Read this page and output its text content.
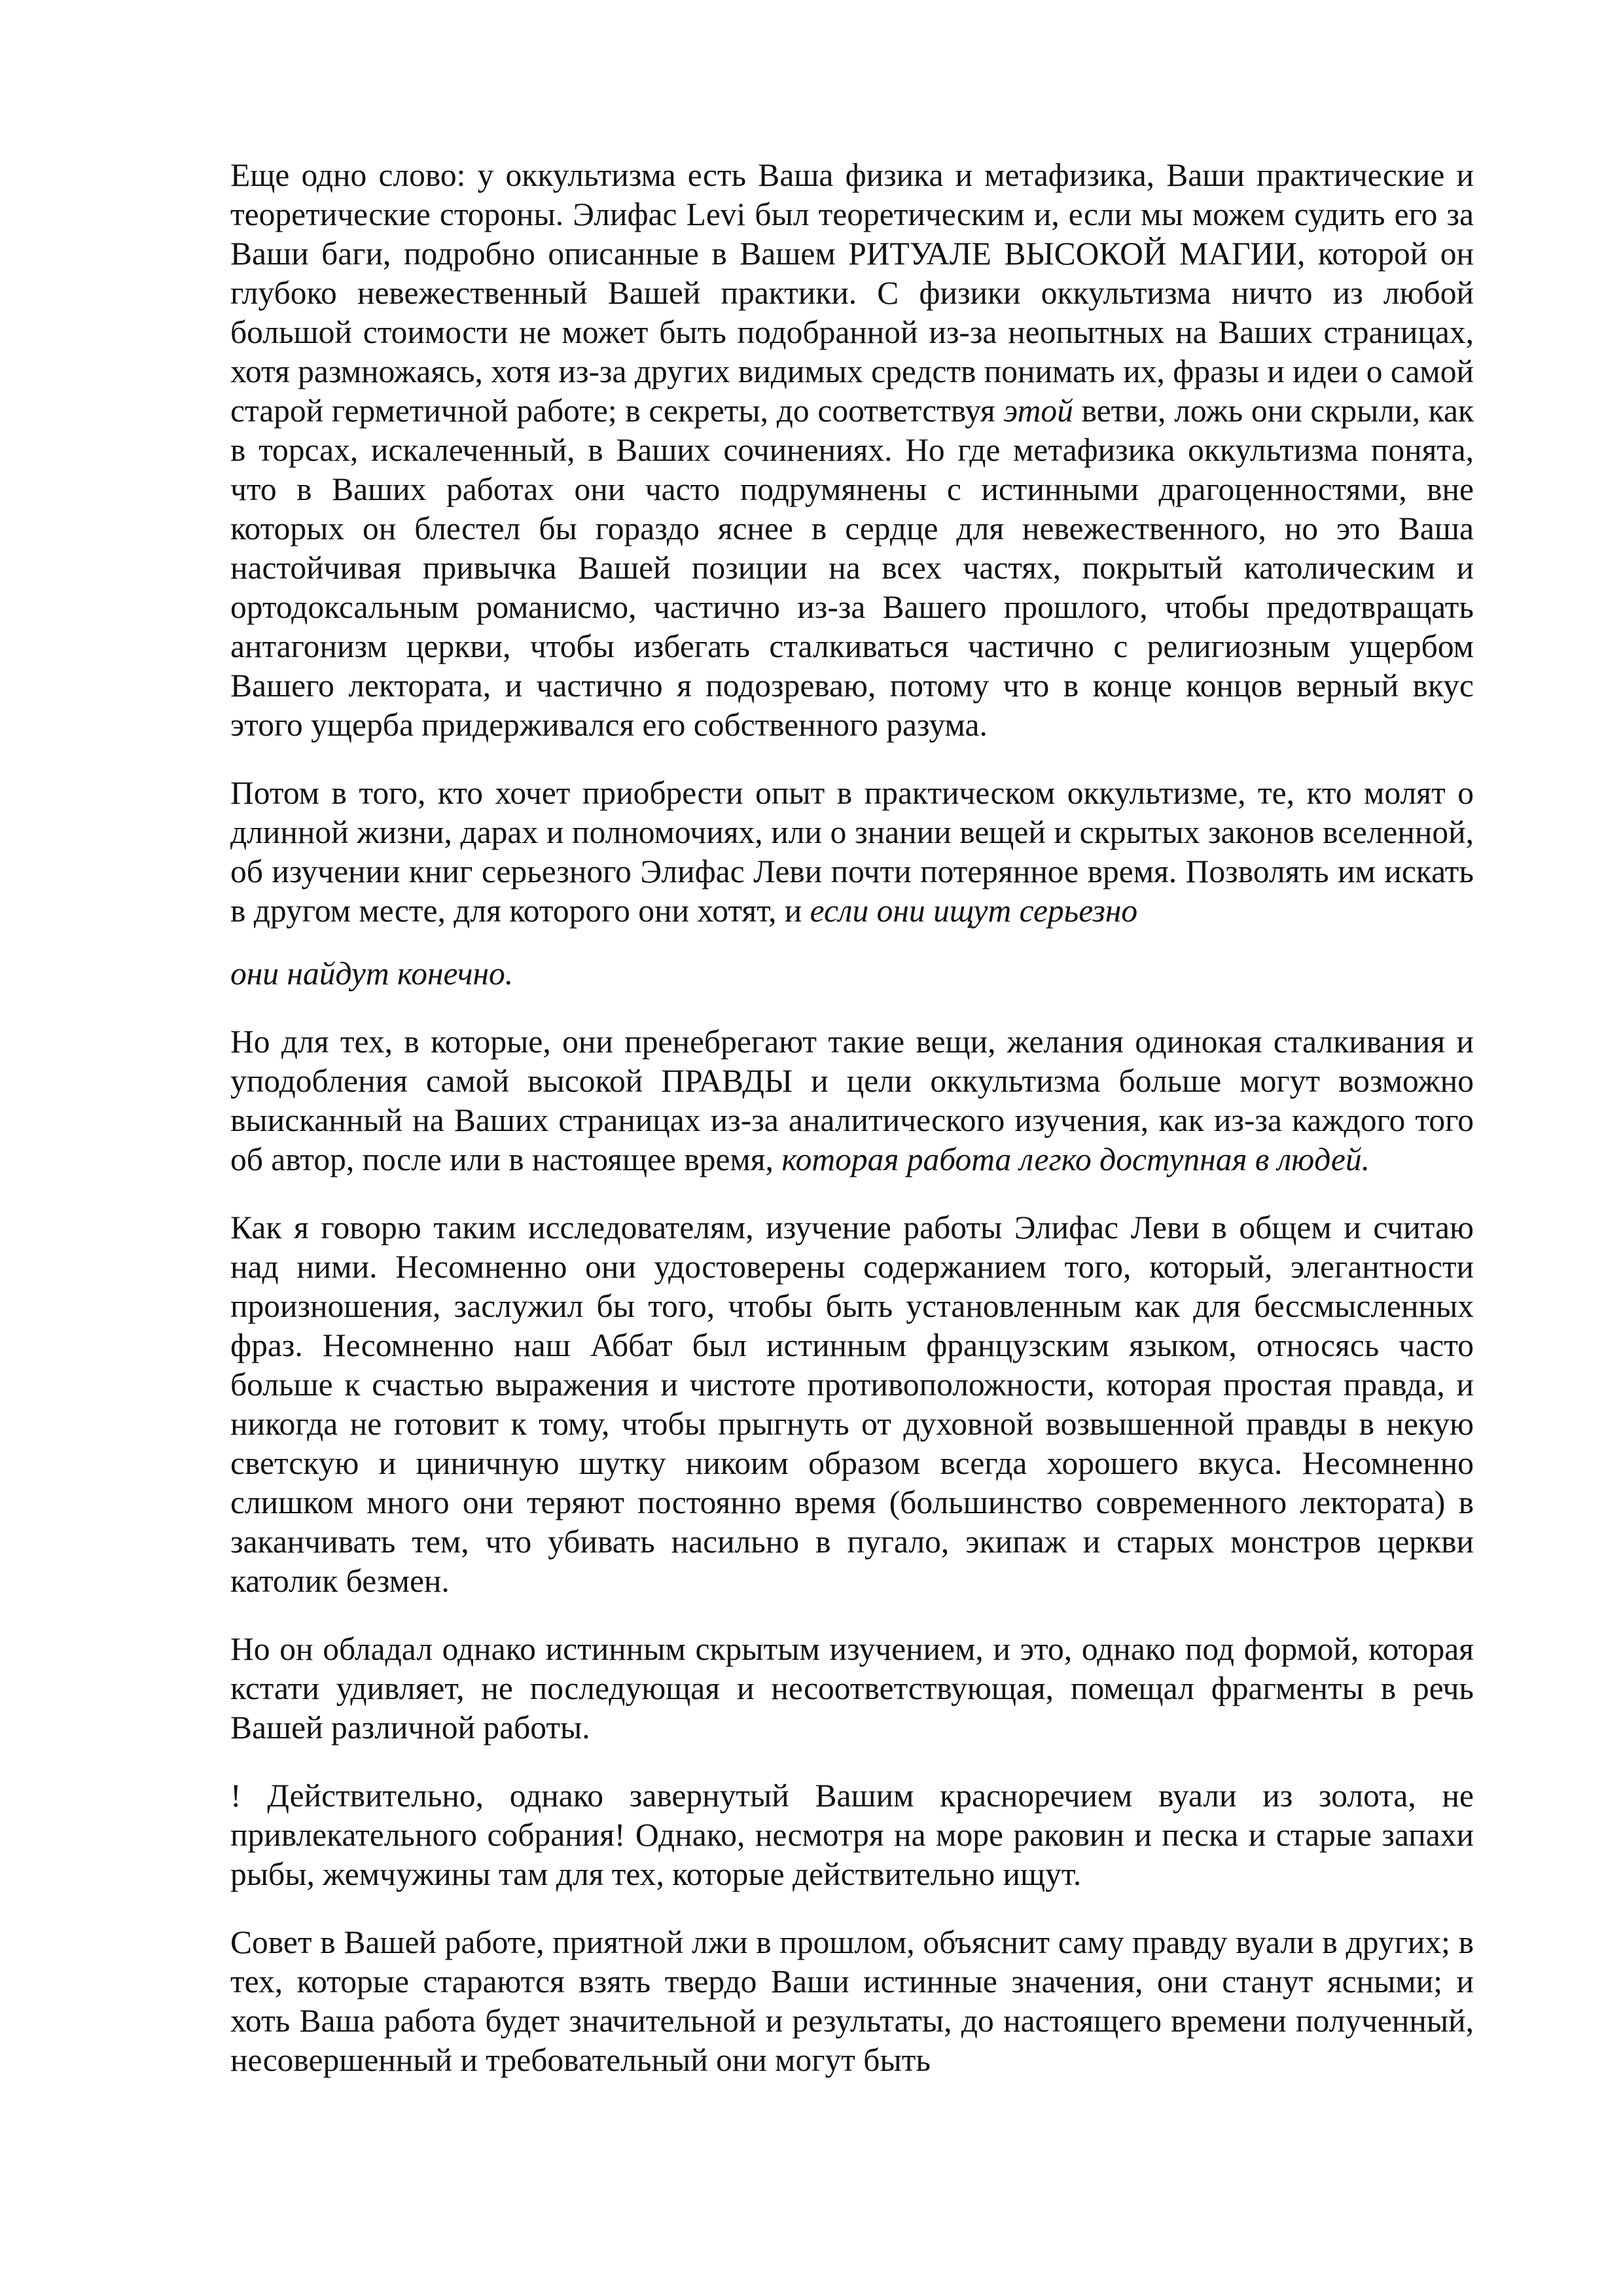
Еще одно слово: у оккультизма есть Ваша физика и метафизика, Ваши практические и теоретические стороны. Элифас Levi был теоретическим и, если мы можем судить его за Ваши баги, подробно описанные в Вашем РИТУАЛЕ ВЫСОКОЙ МАГИИ, которой он глубоко невежественный Вашей практики. С физики оккультизма ничто из любой большой стоимости не может быть подобранной из-за неопытных на Ваших страницах, хотя размножаясь, хотя из-за других видимых средств понимать их, фразы и идеи о самой старой герметичной работе; в секреты, до соответствуя этой ветви, ложь они скрыли, как в торсах, искалеченный, в Ваших сочинениях. Но где метафизика оккультизма понята, что в Ваших работах они часто подрумянены с истинными драгоценностями, вне которых он блестел бы гораздо яснее в сердце для невежественного, но это Ваша настойчивая привычка Вашей позиции на всех частях, покрытый католическим и ортодоксальным романисмо, частично из-за Вашего прошлого, чтобы предотвращать антагонизм церкви, чтобы избегать сталкиваться частично с религиозным ущербом Вашего лектората, и частично я подозреваю, потому что в конце концов верный вкус этого ущерба придерживался его собственного разума.

Потом в того, кто хочет приобрести опыт в практическом оккультизме, те, кто молят о длинной жизни, дарах и полномочиях, или о знании вещей и скрытых законов вселенной, об изучении книг серьезного Элифас Леви почти потерянное время. Позволять им искать в другом месте, для которого они хотят, и если они ищут серьезно

они найдут конечно.

Но для тех, в которые, они пренебрегают такие вещи, желания одинокая сталкивания и уподобления самой высокой ПРАВДЫ и цели оккультизма больше могут возможно выисканный на Ваших страницах из-за аналитического изучения, как из-за каждого того об автор, после или в настоящее время, которая работа легко доступная в людей.

Как я говорю таким исследователям, изучение работы Элифас Леви в общем и считаю над ними. Несомненно они удостоверены содержанием того, который, элегантности произношения, заслужил бы того, чтобы быть установленным как для бессмысленных фраз. Несомненно наш Аббат был истинным французским языком, относясь часто больше к счастью выражения и чистоте противоположности, которая простая правда, и никогда не готовит к тому, чтобы прыгнуть от духовной возвышенной правды в некую светскую и циничную шутку никоим образом всегда хорошего вкуса. Несомненно слишком много они теряют постоянно время (большинство современного лектората) в заканчивать тем, что убивать насильно в пугало, экипаж и старых монстров церкви католик безмен.

Но он обладал однако истинным скрытым изучением, и это, однако под формой, которая кстати удивляет, не последующая и несоответствующая, помещал фрагменты в речь Вашей различной работы.

! Действительно, однако завернутый Вашим красноречием вуали из золота, не привлекательного собрания! Однако, несмотря на море раковин и песка и старые запахи рыбы, жемчужины там для тех, которые действительно ищут.

Совет в Вашей работе, приятной лжи в прошлом, объяснит саму правду вуали в других; в тех, которые стараются взять твердо Ваши истинные значения, они станут ясными; и хоть Ваша работа будет значительной и результаты, до настоящего времени полученный, несовершенный и требовательный они могут быть
